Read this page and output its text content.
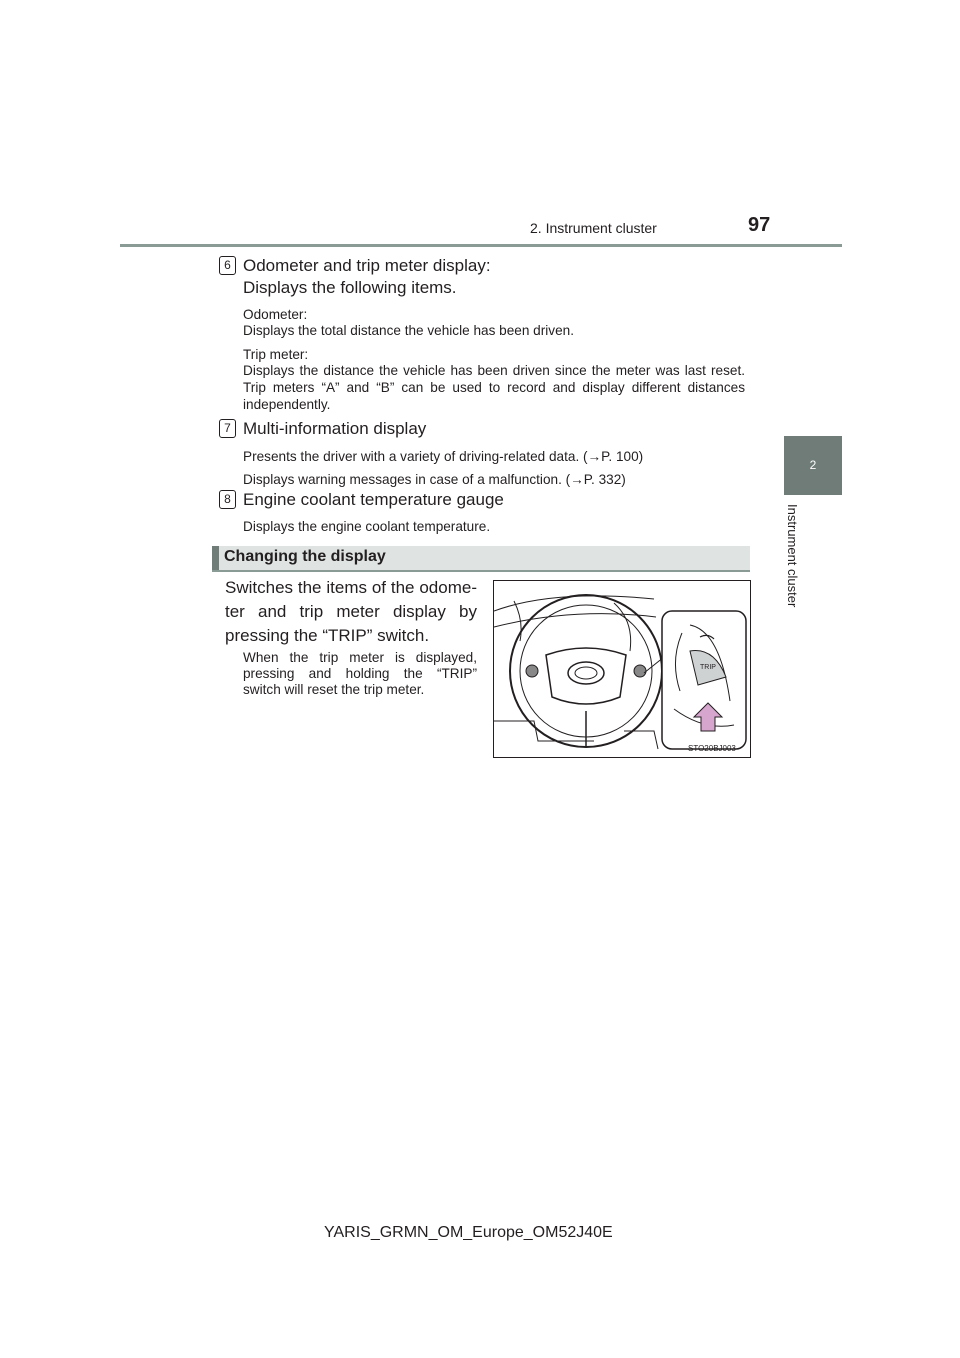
2. Instrument cluster	97
2
Instrument cluster
6 Odometer and trip meter display:
Displays the following items.
Odometer:
Displays the total distance the vehicle has been driven.
Trip meter:
Displays the distance the vehicle has been driven since the meter was last reset. Trip meters “A” and “B” can be used to record and display different distances independently.
7 Multi-information display
Presents the driver with a variety of driving-related data. (→P. 100)
Displays warning messages in case of a malfunction. (→P. 332)
8 Engine coolant temperature gauge
Displays the engine coolant temperature.
Changing the display
Switches the items of the odome-
ter and trip meter display by
pressing the “TRIP” switch.
When the trip meter is displayed,
pressing and holding the “TRIP”
switch will reset the trip meter.
TRIP
STO20BJ003
YARIS_GRMN_OM_Europe_OM52J40E
